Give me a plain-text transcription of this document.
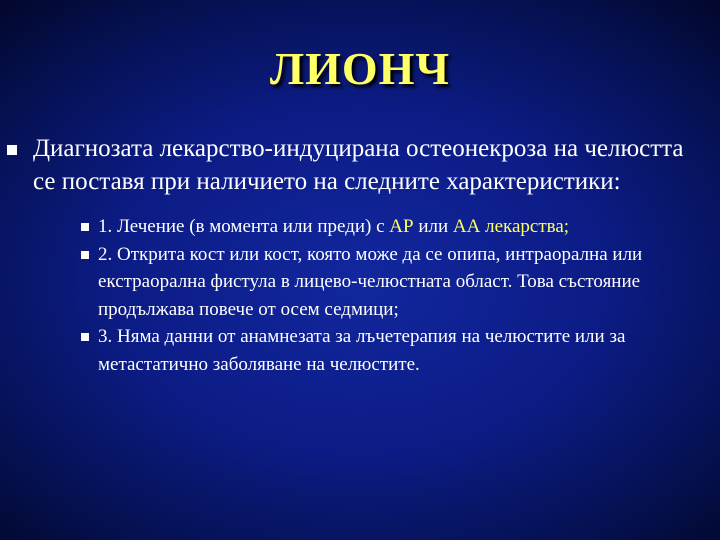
ЛИОНЧ
Диагнозата лекарство-индуцирана остеонекроза на челюстта се поставя при наличието на следните характеристики:
1. Лечение (в момента или преди) с АР или АА лекарства;
2. Открита кост или кост, която може да се опипа, интраорална или екстраорална фистула в лицево-челюстната област. Това състояние продължава повече от осем седмици;
3. Няма данни от анамнезата за лъчетерапия на челюстите или за метастатично заболяване на челюстите.
